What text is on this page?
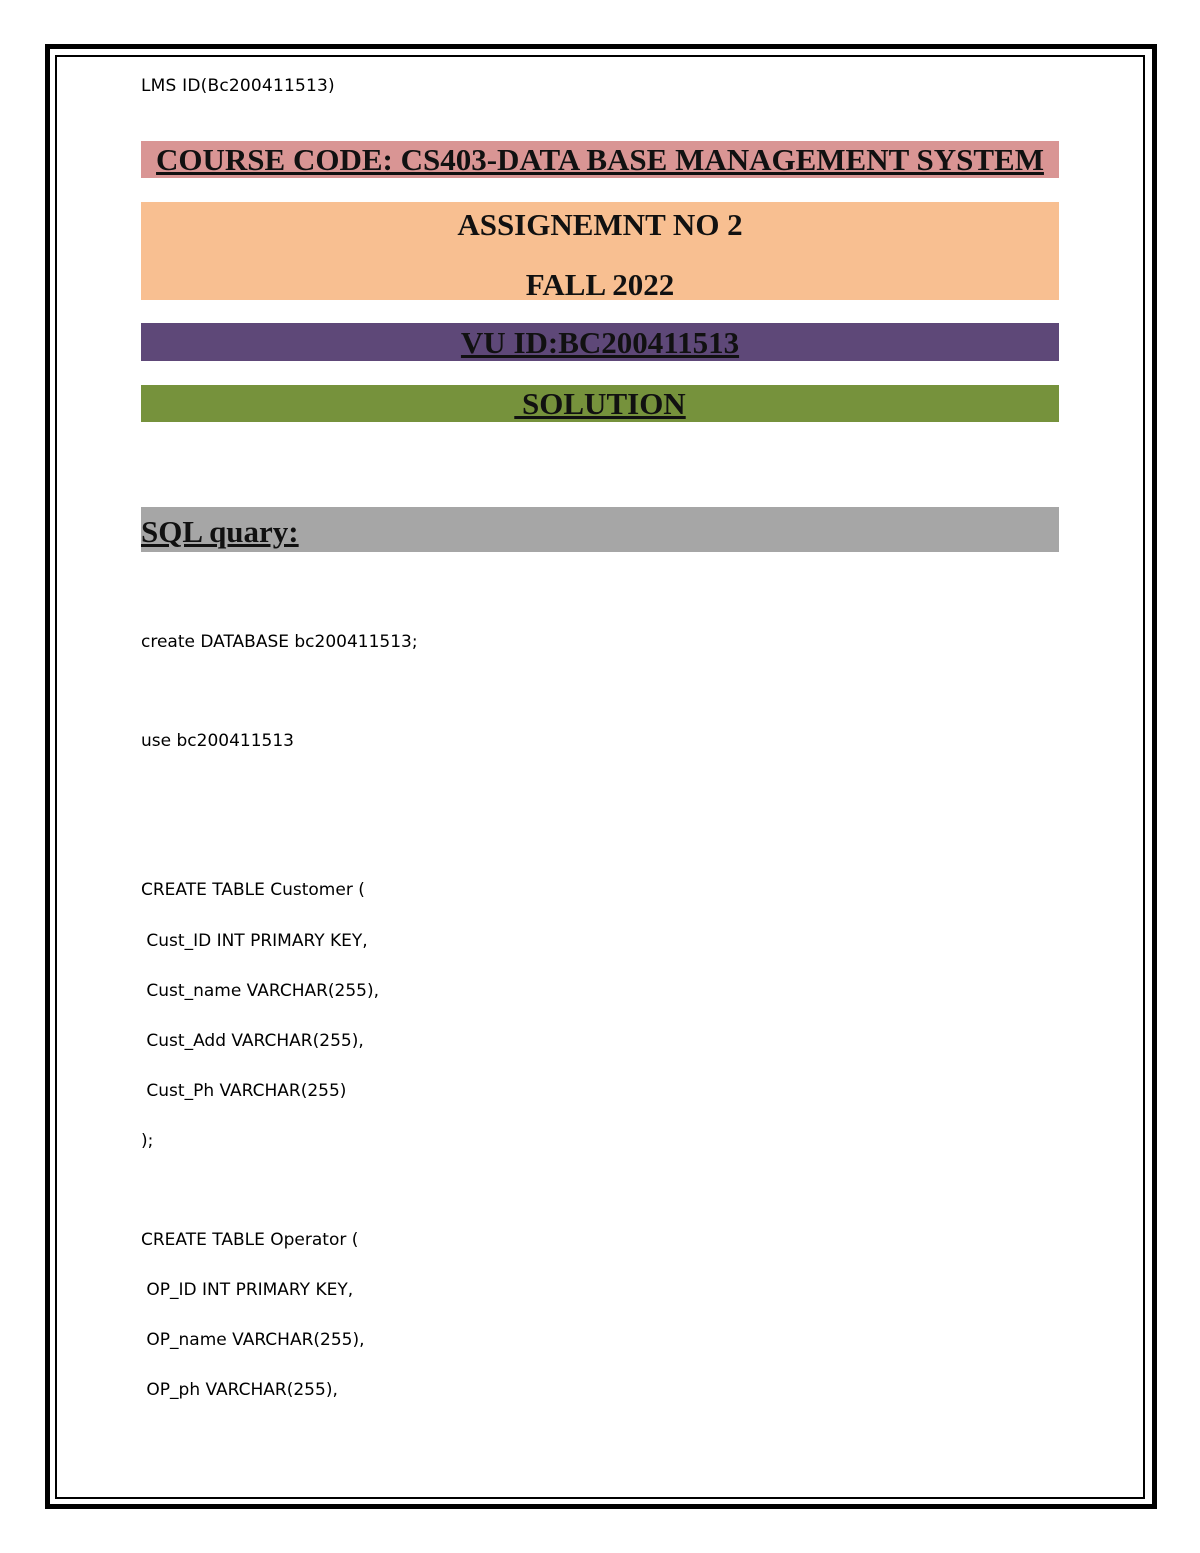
LMS ID(Bc200411513)
COURSE CODE: CS403-DATA BASE MANAGEMENT SYSTEM
ASSIGNEMNT NO 2
FALL 2022
VU ID:BC200411513
SOLUTION
SQL quary:
create DATABASE bc200411513;
use bc200411513
CREATE TABLE Customer (
Cust_ID INT PRIMARY KEY,
Cust_name VARCHAR(255),
Cust_Add VARCHAR(255),
Cust_Ph VARCHAR(255)
);
CREATE TABLE Operator (
OP_ID INT PRIMARY KEY,
OP_name VARCHAR(255),
OP_ph VARCHAR(255),
